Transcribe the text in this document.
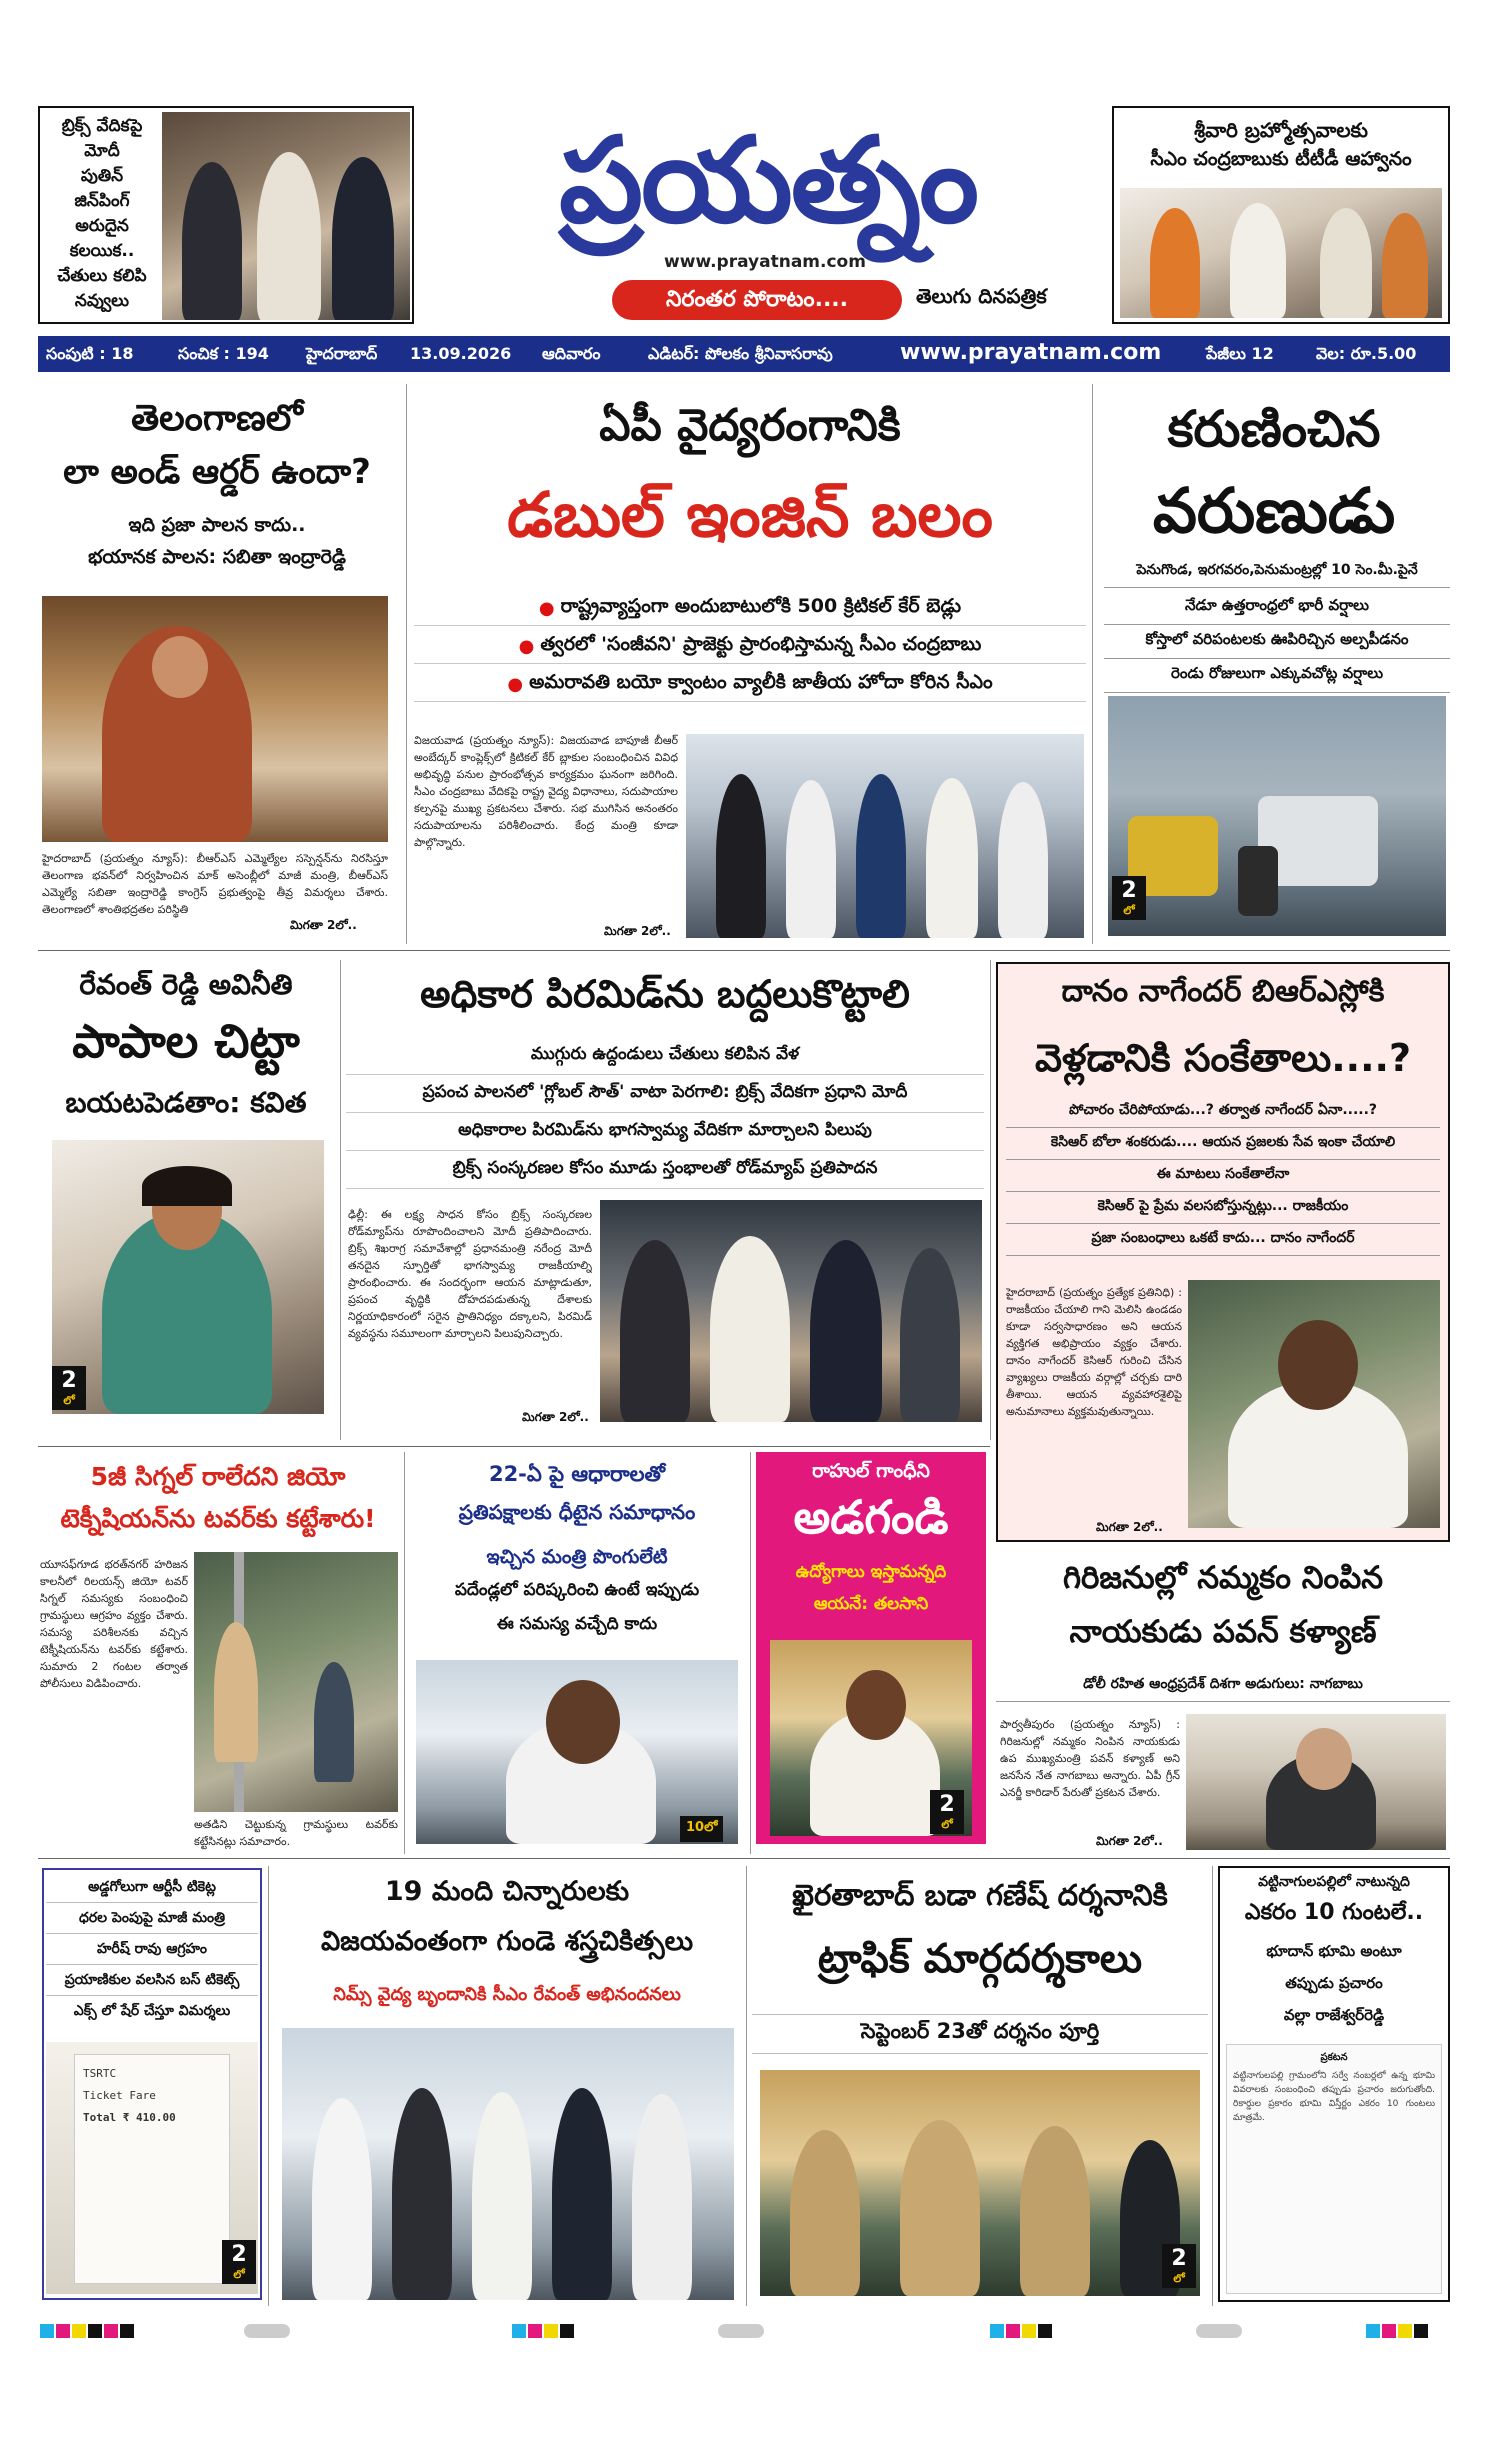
బ్రిక్స్ వేదికపై
మోదీ
పుతిన్
జిన్‌పింగ్
అరుదైన
కలయిక..
చేతులు కలిపి
నవ్వులు
ప్రయత్నం
www.prayatnam.com
నిరంతర పోరాటం....	తెలుగు దినపత్రిక
శ్రీవారి బ్రహ్మోత్సవాలకు
సీఎం చంద్రబాబుకు టీటీడీ ఆహ్వానం
సంపుటి : 18	సంచిక : 194 హైదరాబాద్ 13.09.2026 ఆదివారం	ఎడిటర్: పోలకం శ్రీనివాసరావు	www.prayatnam.com	పేజీలు 12	వెల: రూ.5.00
తెలంగాణలో
లా అండ్ ఆర్డర్ ఉందా?
ఇది ప్రజా పాలన కాదు..
భయానక పాలన: సబితా ఇంద్రారెడ్డి
హైదరాబాద్ (ప్రయత్నం న్యూస్): బీఆర్ఎస్ ఎమ్మెల్యేల సస్పెన్షన్‌ను నిరసిస్తూ తెలంగాణ భవన్‌లో నిర్వహించిన మాక్ అసెంబ్లీలో మాజీ మంత్రి, బీఆర్ఎస్ ఎమ్మెల్యే సబితా ఇంద్రారెడ్డి కాంగ్రెస్ ప్రభుత్వంపై తీవ్ర విమర్శలు చేశారు. తెలంగాణలో శాంతిభద్రతల పరిస్థితి
మిగతా 2లో..
ఏపీ వైద్యరంగానికి
డబుల్ ఇంజిన్ బలం
● రాష్ట్రవ్యాప్తంగా అందుబాటులోకి 500 క్రిటికల్ కేర్ బెడ్లు
● త్వరలో 'సంజీవని' ప్రాజెక్టు ప్రారంభిస్తామన్న సీఎం చంద్రబాబు
● అమరావతి బయో క్వాంటం వ్యాలీకి జాతీయ హోదా కోరిన సీఎం
విజయవాడ (ప్రయత్నం న్యూస్): విజయవాడ బాపూజీ బీఆర్ అంబేద్కర్ కాంప్లెక్స్‌లో క్రిటికల్ కేర్ బ్లాకుల సంబంధించిన వివిధ అభివృద్ధి పనుల ప్రారంభోత్సవ కార్యక్రమం ఘనంగా జరిగింది. సీఎం చంద్రబాబు వేదికపై రాష్ట్ర వైద్య విధానాలు, సదుపాయాల కల్పనపై ముఖ్య ప్రకటనలు చేశారు. సభ ముగిసిన అనంతరం సదుపాయాలను పరిశీలించారు. కేంద్ర మంత్రి కూడా పాల్గొన్నారు.
మిగతా 2లో..
కరుణించిన
వరుణుడు
పెనుగొండ, ఇరగవరం,పెనుమంట్రల్లో 10 సెం.మీ.పైనే
నేడూ ఉత్తరాంధ్రలో భారీ వర్షాలు
కోస్తాలో వరిపంటలకు ఊపిరిచ్చిన అల్పపీడనం
రెండు రోజులుగా ఎక్కువచోట్ల వర్షాలు
2
లో
రేవంత్ రెడ్డి అవినీతి
పాపాల చిట్టా
బయటపెడతాం: కవిత
2
లో
అధికార పిరమిడ్‌ను బద్దలుకొట్టాలి
ముగ్గురు ఉద్దండులు చేతులు కలిపిన వేళ
ప్రపంచ పాలనలో 'గ్లోబల్ సౌత్' వాటా పెరగాలి: బ్రిక్స్ వేదికగా ప్రధాని మోదీ
అధికారాల పిరమిడ్‌ను భాగస్వామ్య వేదికగా మార్చాలని పిలుపు
బ్రిక్స్ సంస్కరణల కోసం మూడు స్తంభాలతో రోడ్‌మ్యాప్ ప్రతిపాదన
ఢిల్లీ: ఈ లక్ష్య సాధన కోసం బ్రిక్స్ సంస్కరణల రోడ్‌మ్యాప్‌ను రూపొందించాలని మోదీ ప్రతిపాదించారు. బ్రిక్స్ శిఖరాగ్ర సమావేశాల్లో ప్రధానమంత్రి నరేంద్ర మోదీ తనదైన స్ఫూర్తితో భాగస్వామ్య రాజకీయాల్ని ప్రారంభించారు. ఈ సందర్భంగా ఆయన మాట్లాడుతూ, ప్రపంచ వృద్ధికి దోహదపడుతున్న దేశాలకు నిర్ణయాధికారంలో సరైన ప్రాతినిధ్యం దక్కాలని, పిరమిడ్ వ్యవస్థను సమూలంగా మార్చాలని పిలుపునిచ్చారు.
మిగతా 2లో..
దానం నాగేందర్ బిఆర్ఎస్లోకి
వెళ్లడానికి సంకేతాలు....?
పోచారం చేరిపోయాడు...? తర్వాత నాగేందర్ ఏనా.....?
కెసిఆర్ బోలా శంకరుడు.... ఆయన ప్రజలకు సేవ ఇంకా చేయాలి
ఈ మాటలు సంకేతాలేనా
కెసిఆర్ పై ప్రేమ వలసబోస్తున్నట్లు... రాజకీయం
ప్రజా సంబంధాలు ఒకటే కాదు... దానం నాగేందర్
హైదరాబాద్ (ప్రయత్నం ప్రత్యేక ప్రతినిధి) : రాజకీయం చేయాలి గాని మెలిసి ఉండడం కూడా సర్వసాధారణం అని ఆయన వ్యక్తిగత అభిప్రాయం వ్యక్తం చేశారు. దానం నాగేందర్ కెసిఆర్ గురించి చేసిన వ్యాఖ్యలు రాజకీయ వర్గాల్లో చర్చకు దారి తీశాయి. ఆయన వ్యవహారశైలిపై అనుమానాలు వ్యక్తమవుతున్నాయి.
మిగతా 2లో..
5జీ సిగ్నల్ రాలేదని జియో
టెక్నీషియన్‌ను టవర్‌కు కట్టేశారు!
యూసఫ్‌గూడ భరత్‌నగర్ హరిజన కాలనీలో రిలయన్స్ జియో టవర్ సిగ్నల్ సమస్యకు సంబంధించి గ్రామస్థులు ఆగ్రహం వ్యక్తం చేశారు. సమస్య పరిశీలనకు వచ్చిన టెక్నీషియన్‌ను టవర్‌కు కట్టేశారు. సుమారు 2 గంటల తర్వాత పోలీసులు విడిపించారు.
అతడిని చెట్టుకున్న గ్రామస్థులు టవర్‌కు కట్టేసినట్లు సమాచారం.
22-ఏ పై ఆధారాలతో
ప్రతిపక్షాలకు ధీటైన సమాధానం
ఇచ్చిన మంత్రి పొంగులేటి
పదేండ్లలో పరిష్కరించి ఉంటే ఇప్పుడు
ఈ సమస్య వచ్చేది కాదు
10లో
రాహుల్ గాంధీని
అడగండి
ఉద్యోగాలు ఇస్తామన్నది
ఆయనే: తలసాని
2
లో
గిరిజనుల్లో నమ్మకం నింపిన
నాయకుడు పవన్ కళ్యాణ్
డోలీ రహిత ఆంధ్రప్రదేశ్ దిశగా అడుగులు: నాగబాబు
పార్వతీపురం (ప్రయత్నం న్యూస్) : గిరిజనుల్లో నమ్మకం నింపిన నాయకుడు ఉప ముఖ్యమంత్రి పవన్ కళ్యాణ్ అని జనసేన నేత నాగబాబు అన్నారు. ఏపీ గ్రీన్ ఎనర్జీ కారిడార్ పేరుతో ప్రకటన చేశారు.
మిగతా 2లో..
అడ్డగోలుగా ఆర్టీసీ టికెట్ల
ధరల పెంపుపై మాజీ మంత్రి
హరీష్ రావు ఆగ్రహం
ప్రయాణికుల వలసిన బస్ టికెట్స్
ఎక్స్ లో షేర్ చేస్తూ విమర్శలు
TSRTC
Ticket Fare
Total ₹ 410.00
2
లో
19 మంది చిన్నారులకు
విజయవంతంగా గుండె శస్త్రచికిత్సలు
నిమ్స్ వైద్య బృందానికి సీఎం రేవంత్ అభినందనలు
ఖైరతాబాద్ బడా గణేష్ దర్శనానికి
ట్రాఫిక్ మార్గదర్శకాలు
సెప్టెంబర్ 23తో దర్శనం పూర్తి
2
లో
వట్టినాగులపల్లిలో నాటున్నది
ఎకరం 10 గుంటలే..
భూదాన్ భూమి అంటూ
తప్పుడు ప్రచారం
వల్లా రాజేశ్వర్‌రెడ్డి
ప్రకటన
వట్టినాగులపల్లి గ్రామంలోని సర్వే నంబర్లలో ఉన్న భూమి వివరాలకు సంబంధించి తప్పుడు ప్రచారం జరుగుతోంది. రికార్డుల ప్రకారం భూమి విస్తీర్ణం ఎకరం 10 గుంటలు మాత్రమే.
